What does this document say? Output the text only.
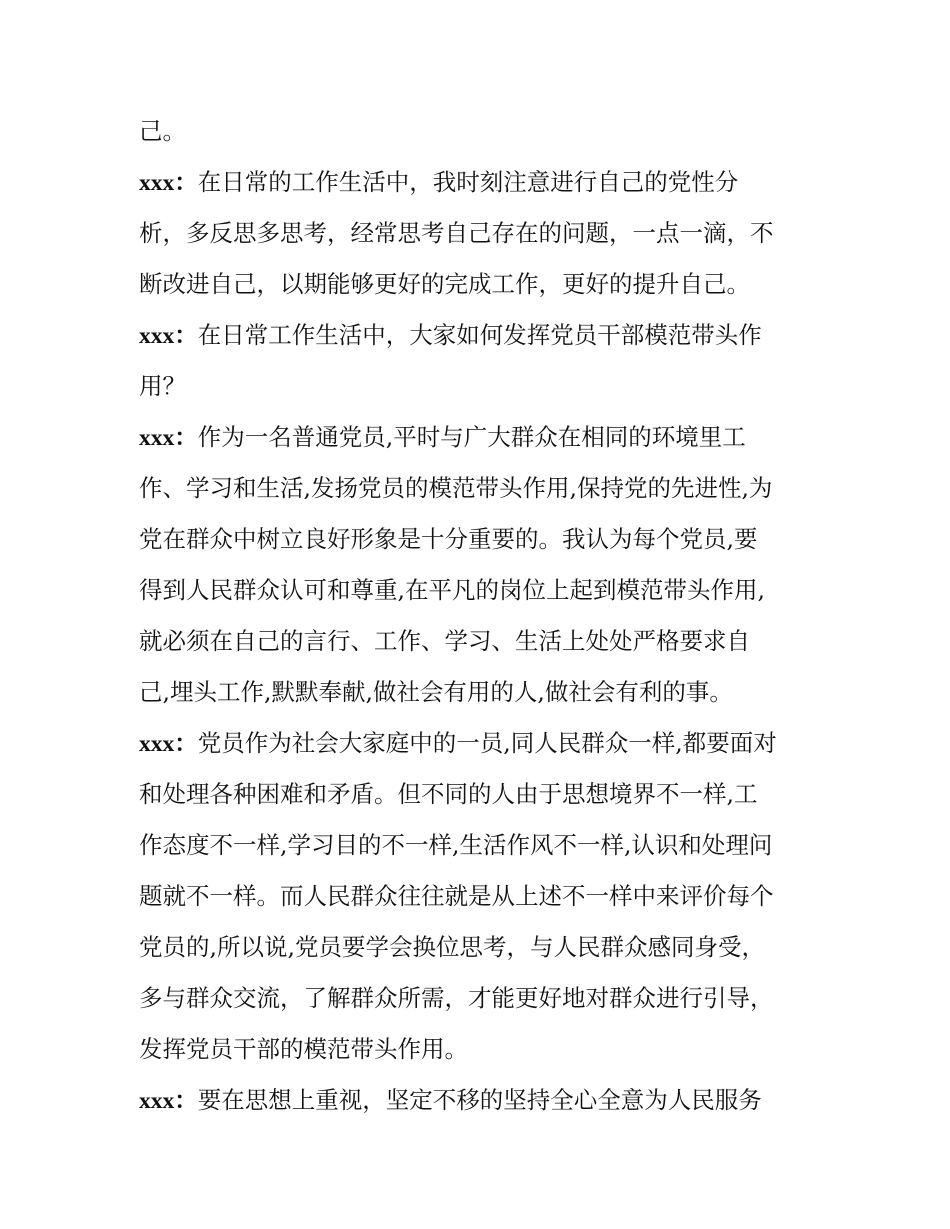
己。
xxx：在日常的工作生活中，我时刻注意进行自己的党性分
析，多反思多思考，经常思考自己存在的问题，一点一滴，不
断改进自己，以期能够更好的完成工作，更好的提升自己。
xxx：在日常工作生活中，大家如何发挥党员干部模范带头作
用？
xxx：作为一名普通党员,平时与广大群众在相同的环境里工
作、学习和生活,发扬党员的模范带头作用,保持党的先进性,为
党在群众中树立良好形象是十分重要的。我认为每个党员,要
得到人民群众认可和尊重,在平凡的岗位上起到模范带头作用,
就必须在自己的言行、工作、学习、生活上处处严格要求自
己,埋头工作,默默奉献,做社会有用的人,做社会有利的事。
xxx：党员作为社会大家庭中的一员,同人民群众一样,都要面对
和处理各种困难和矛盾。但不同的人由于思想境界不一样,工
作态度不一样,学习目的不一样,生活作风不一样,认识和处理问
题就不一样。而人民群众往往就是从上述不一样中来评价每个
党员的,所以说,党员要学会换位思考，与人民群众感同身受，
多与群众交流，了解群众所需，才能更好地对群众进行引导，
发挥党员干部的模范带头作用。
xxx：要在思想上重视，坚定不移的坚持全心全意为人民服务
